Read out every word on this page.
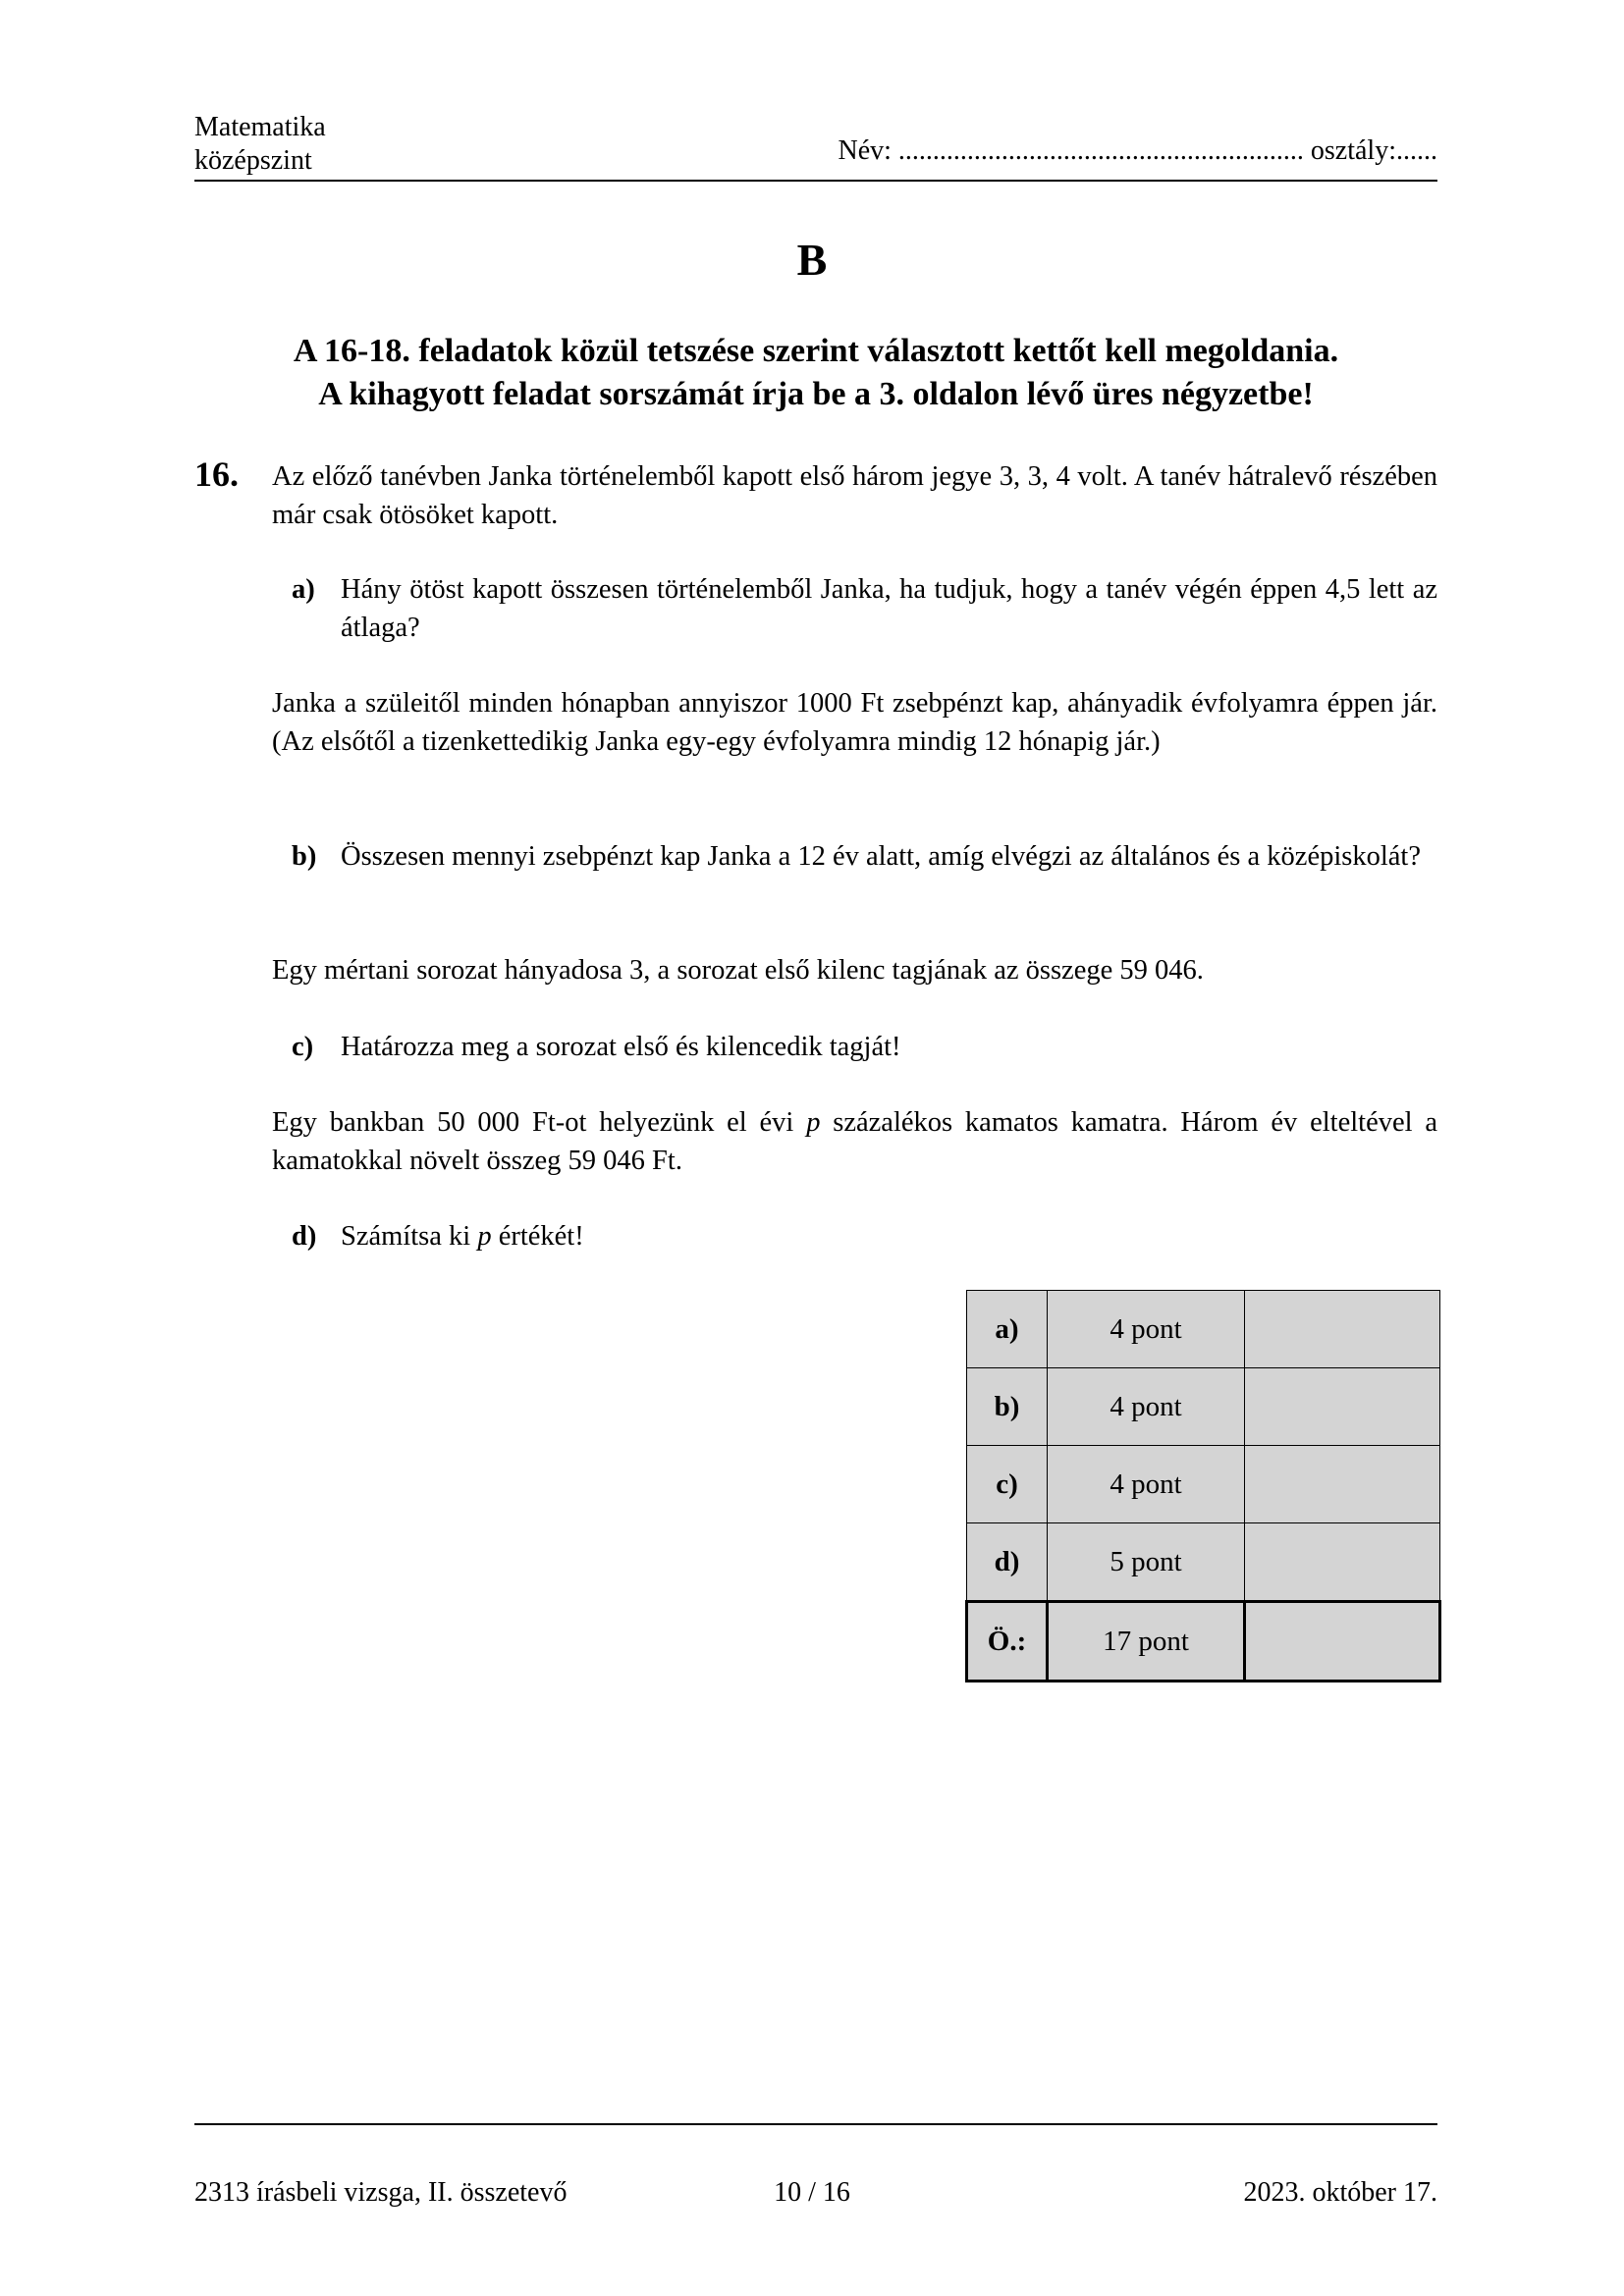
Matematika
középszint	Név: ........................................................... osztály:......
B
A 16-18. feladatok közül tetszése szerint választott kettőt kell megoldania.
A kihagyott feladat sorszámát írja be a 3. oldalon lévő üres négyzetbe!
16. Az előző tanévben Janka történelemből kapott első három jegye 3, 3, 4 volt. A tanév hátralevő részében már csak ötösöket kapott.
a) Hány ötöst kapott összesen történelemből Janka, ha tudjuk, hogy a tanév végén éppen 4,5 lett az átlaga?
Janka a szüleitől minden hónapban annyiszor 1000 Ft zsebpénzt kap, ahányadik évfolyamra éppen jár. (Az elsőtől a tizenkettedikig Janka egy-egy évfolyamra mindig 12 hónapig jár.)
b) Összesen mennyi zsebpénzt kap Janka a 12 év alatt, amíg elvégzi az általános és a középiskolát?
Egy mértani sorozat hányadosa 3, a sorozat első kilenc tagjának az összege 59 046.
c) Határozza meg a sorozat első és kilencedik tagját!
Egy bankban 50 000 Ft-ot helyezünk el évi p százalékos kamatos kamatra. Három év elteltével a kamatokkal növelt összeg 59 046 Ft.
d) Számítsa ki p értékét!
a)	4 pont	
b)	4 pont	
c)	4 pont	
d)	5 pont	
Ö.:	17 pont	
2313 írásbeli vizsga, II. összetevő	10 / 16	2023. október 17.
